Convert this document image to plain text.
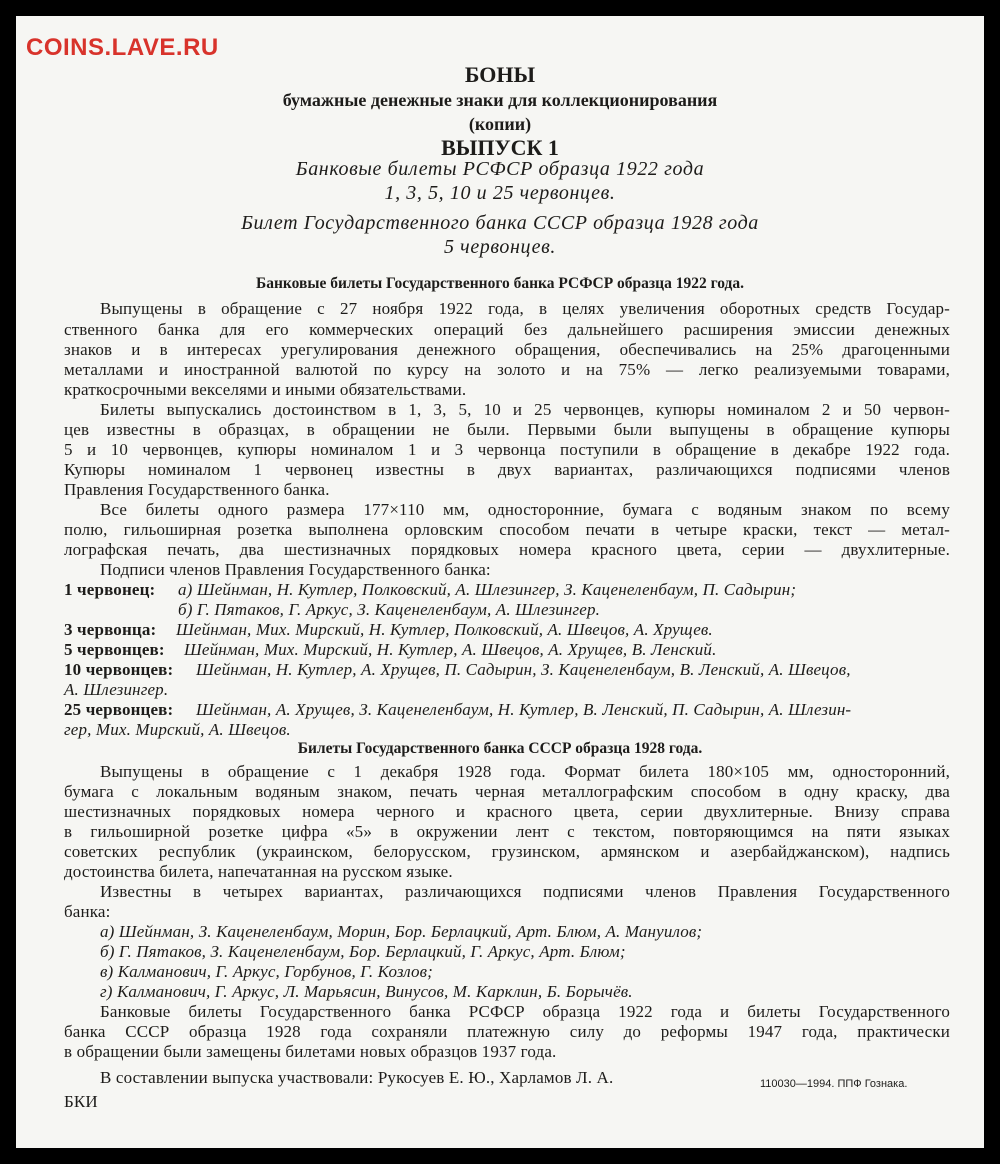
COINS.LAVE.RU
БОНЫ
бумажные денежные знаки для коллекционирования
(копии)
ВЫПУСК 1
Банковые билеты РСФСР образца 1922 года
1, 3, 5, 10 и 25 червонцев.
Билет Государственного банка СССР образца 1928 года
5 червонцев.
Банковые билеты Государственного банка РСФСР образца 1922 года.
Выпущены в обращение с 27 ноября 1922 года, в целях увеличения оборотных средств Государ-
ственного банка для его коммерческих операций без дальнейшего расширения эмиссии денежных
знаков и в интересах урегулирования денежного обращения, обеспечивались на 25% драгоценными
металлами и иностранной валютой по курсу на золото и на 75% — легко реализуемыми товарами,
краткосрочными векселями и иными обязательствами.
Билеты выпускались достоинством в 1, 3, 5, 10 и 25 червонцев, купюры номиналом 2 и 50 червон-
цев известны в образцах, в обращении не были. Первыми были выпущены в обращение купюры
5 и 10 червонцев, купюры номиналом 1 и 3 червонца поступили в обращение в декабре 1922 года.
Купюры номиналом 1 червонец известны в двух вариантах, различающихся подписями членов
Правления Государственного банка.
Все билеты одного размера 177×110 мм, односторонние, бумага с водяным знаком по всему
полю, гильоширная розетка выполнена орловским способом печати в четыре краски, текст — метал-
лографская печать, два шестизначных порядковых номера красного цвета, серии — двухлитерные.
Подписи членов Правления Государственного банка:
1 червонец: а) Шейнман, Н. Кутлер, Полковский, А. Шлезингер, З. Каценеленбаум, П. Садырин;
б) Г. Пятаков, Г. Аркус, З. Каценеленбаум, А. Шлезингер.
3 червонца: Шейнман, Мих. Мирский, Н. Кутлер, Полковский, А. Швецов, А. Хрущев.
5 червонцев: Шейнман, Мих. Мирский, Н. Кутлер, А. Швецов, А. Хрущев, В. Ленский.
10 червонцев: Шейнман, Н. Кутлер, А. Хрущев, П. Садырин, З. Каценеленбаум, В. Ленский, А. Швецов,
А. Шлезингер.
25 червонцев: Шейнман, А. Хрущев, З. Каценеленбаум, Н. Кутлер, В. Ленский, П. Садырин, А. Шлезин-
гер, Мих. Мирский, А. Швецов.
Билеты Государственного банка СССР образца 1928 года.
Выпущены в обращение с 1 декабря 1928 года. Формат билета 180×105 мм, односторонний,
бумага с локальным водяным знаком, печать черная металлографским способом в одну краску, два
шестизначных порядковых номера черного и красного цвета, серии двухлитерные. Внизу справа
в гильоширной розетке цифра «5» в окружении лент с текстом, повторяющимся на пяти языках
советских республик (украинском, белорусском, грузинском, армянском и азербайджанском), надпись
достоинства билета, напечатанная на русском языке.
Известны в четырех вариантах, различающихся подписями членов Правления Государственного
банка:
а) Шейнман, З. Каценеленбаум, Морин, Бор. Берлацкий, Арт. Блюм, А. Мануилов;
б) Г. Пятаков, З. Каценеленбаум, Бор. Берлацкий, Г. Аркус, Арт. Блюм;
в) Калманович, Г. Аркус, Горбунов, Г. Козлов;
г) Калманович, Г. Аркус, Л. Марьясин, Винусов, М. Карклин, Б. Борычёв.
Банковые билеты Государственного банка РСФСР образца 1922 года и билеты Государственного
банка СССР образца 1928 года сохраняли платежную силу до реформы 1947 года, практически
в обращении были замещены билетами новых образцов 1937 года.
В составлении выпуска участвовали: Рукосуев Е. Ю., Харламов Л. А.
БКИ
110030—1994. ППФ Гознака.
